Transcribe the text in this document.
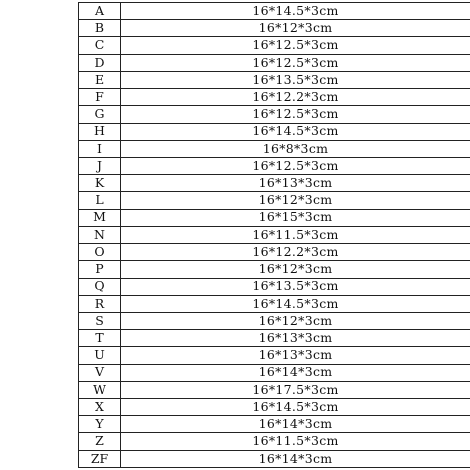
A	16*14.5*3cm
B	16*12*3cm
C	16*12.5*3cm
D	16*12.5*3cm
E	16*13.5*3cm
F	16*12.2*3cm
G	16*12.5*3cm
H	16*14.5*3cm
I	16*8*3cm
J	16*12.5*3cm
K	16*13*3cm
L	16*12*3cm
M	16*15*3cm
N	16*11.5*3cm
O	16*12.2*3cm
P	16*12*3cm
Q	16*13.5*3cm
R	16*14.5*3cm
S	16*12*3cm
T	16*13*3cm
U	16*13*3cm
V	16*14*3cm
W	16*17.5*3cm
X	16*14.5*3cm
Y	16*14*3cm
Z	16*11.5*3cm
ZF	16*14*3cm
